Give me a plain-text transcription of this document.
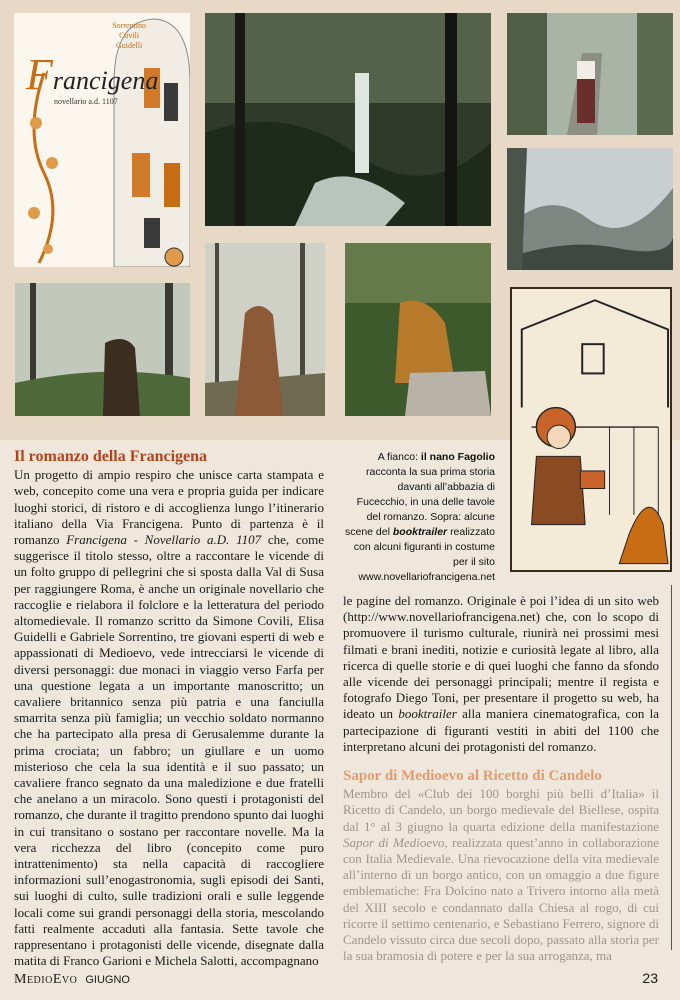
Sorrentino
Covili
Guidelli
Francigena
novellario a.d. 1107
A fianco: il nano Fagolio racconta la sua prima storia davanti all’abbazia di Fucecchio, in una delle tavole del romanzo. Sopra: alcune scene del booktrailer realizzato con alcuni figuranti in costume per il sito www.novellariofrancigena.net
Il romanzo della Francigena

Un progetto di ampio respiro che unisce carta stampata e web, concepito come una vera e propria guida per indicare luoghi storici, di ristoro e di accoglienza lungo l’itinerario italiano della Via Francigena. Punto di partenza è il romanzo Francigena - Novellario a.D. 1107 che, come suggerisce il titolo stesso, oltre a raccontare le vicende di un folto gruppo di pellegrini che si sposta dalla Val di Susa per raggiungere Roma, è anche un originale novellario che raccoglie e rielabora il folclore e la letteratura del periodo altomedievale. Il romanzo scritto da Simone Covili, Elisa Guidelli e Gabriele Sorrentino, tre giovani esperti di web e appassionati di Medioevo, vede intrecciarsi le vicende di diversi personaggi: due monaci in viaggio verso Farfa per una questione legata a un importante manoscritto; un cavaliere britannico senza più patria e una fanciulla smarrita senza più famiglia; un vecchio soldato normanno che ha partecipato alla presa di Gerusalemme durante la prima crociata; un fabbro; un giullare e un uomo misterioso che cela la sua identità e il suo passato; un cavaliere franco segnato da una maledizione e due fratelli che anelano a un miracolo. Sono questi i protagonisti del romanzo, che durante il tragitto prendono spunto dai luoghi in cui transitano o sostano per raccontare novelle. Ma la vera ricchezza del libro (concepito come puro intrattenimento) sta nella capacità di raccogliere informazioni sull’enogastronomia, sugli episodi dei Santi, sui luoghi di culto, sulle tradizioni orali e sulle leggende locali come sui grandi personaggi della storia, mescolando fatti realmente accaduti alla fantasia. Sette tavole che rappresentano i protagonisti delle vicende, disegnate dalla matita di Franco Garioni e Michela Salotti, accompagnano

le pagine del romanzo. Originale è poi l’idea di un sito web (http://www.novellariofrancigena.net) che, con lo scopo di promuovere il turismo culturale, riunirà nei prossimi mesi filmati e brani inediti, notizie e curiosità legate al libro, alla ricerca di quelle storie e di quei luoghi che fanno da sfondo alle vicende dei personaggi principali; mentre il regista e fotografo Diego Toni, per presentare il progetto su web, ha ideato un booktrailer alla maniera cinematografica, con la partecipazione di figuranti vestiti in abiti del 1100 che interpretano alcuni dei protagonisti del romanzo.

Sapor di Medioevo al Ricetto di Candelo

Membro del «Club dei 100 borghi più belli d’Italia» il Ricetto di Candelo, un borgo medievale del Biellese, ospita dal 1° al 3 giugno la quarta edizione della manifestazione Sapor di Medioevo, realizzata quest’anno in collaborazione con Italia Medievale. Una rievocazione della vita medievale all’interno di un borgo antico, con un omaggio a due figure emblematiche: Fra Dolcino nato a Trivero intorno alla metà del XIII secolo e condannato dalla Chiesa al rogo, di cui ricorre il settimo centenario, e Sebastiano Ferrero, signore di Candelo vissuto circa due secoli dopo, passato alla storia per la sua bramosia di potere e per la sua arroganza, ma

MedioEvo GIUGNO	23
